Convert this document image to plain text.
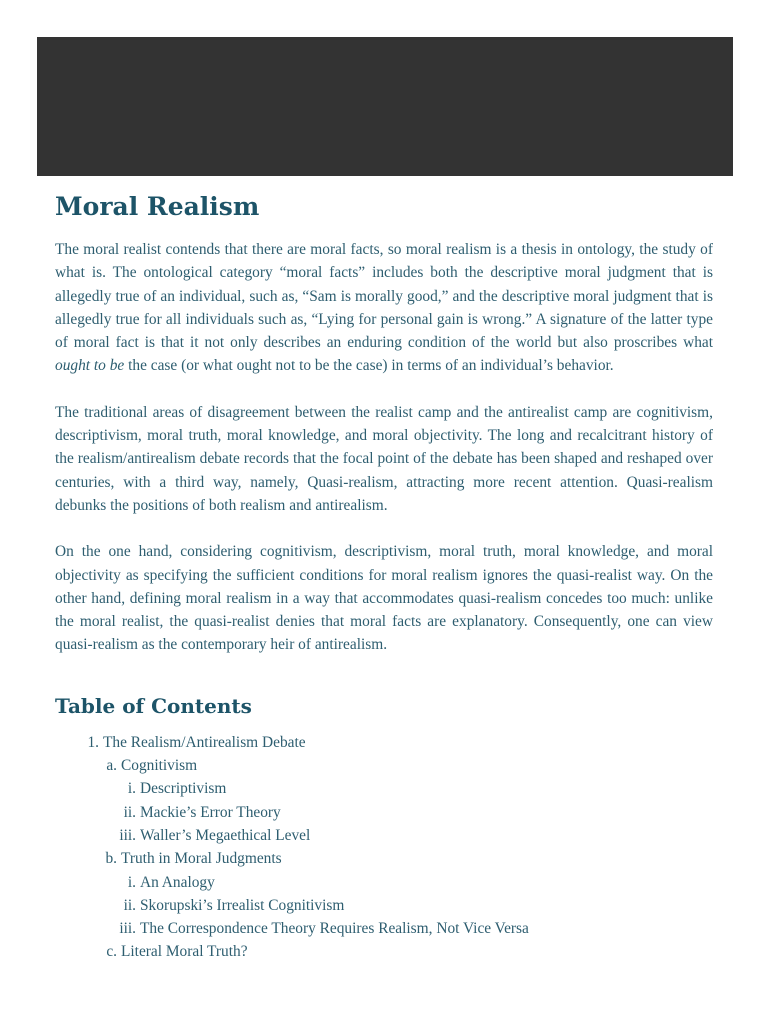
Moral Realism

The moral realist contends that there are moral facts, so moral realism is a thesis in ontology, the study of what is. The ontological category “moral facts” includes both the descriptive moral judgment that is allegedly true of an individual, such as, “Sam is morally good,” and the descriptive moral judgment that is allegedly true for all individuals such as, “Lying for personal gain is wrong.” A signature of the latter type of moral fact is that it not only describes an enduring condition of the world but also proscribes what ought to be the case (or what ought not to be the case) in terms of an individual’s behavior.

The traditional areas of disagreement between the realist camp and the antirealist camp are cognitivism, descriptivism, moral truth, moral knowledge, and moral objectivity. The long and recalcitrant history of the realism/antirealism debate records that the focal point of the debate has been shaped and reshaped over centuries, with a third way, namely, Quasi-realism, attracting more recent attention. Quasi-realism debunks the positions of both realism and antirealism.

On the one hand, considering cognitivism, descriptivism, moral truth, moral knowledge, and moral objectivity as specifying the sufficient conditions for moral realism ignores the quasi-realist way. On the other hand, defining moral realism in a way that accommodates quasi-realism concedes too much: unlike the moral realist, the quasi-realist denies that moral facts are explanatory. Consequently, one can view quasi-realism as the contemporary heir of antirealism.

Table of Contents
1. The Realism/Antirealism Debate
a. Cognitivism
i. Descriptivism
ii. Mackie’s Error Theory
iii. Waller’s Megaethical Level
b. Truth in Moral Judgments
i. An Analogy
ii. Skorupski’s Irrealist Cognitivism
iii. The Correspondence Theory Requires Realism, Not Vice Versa
c. Literal Moral Truth?
